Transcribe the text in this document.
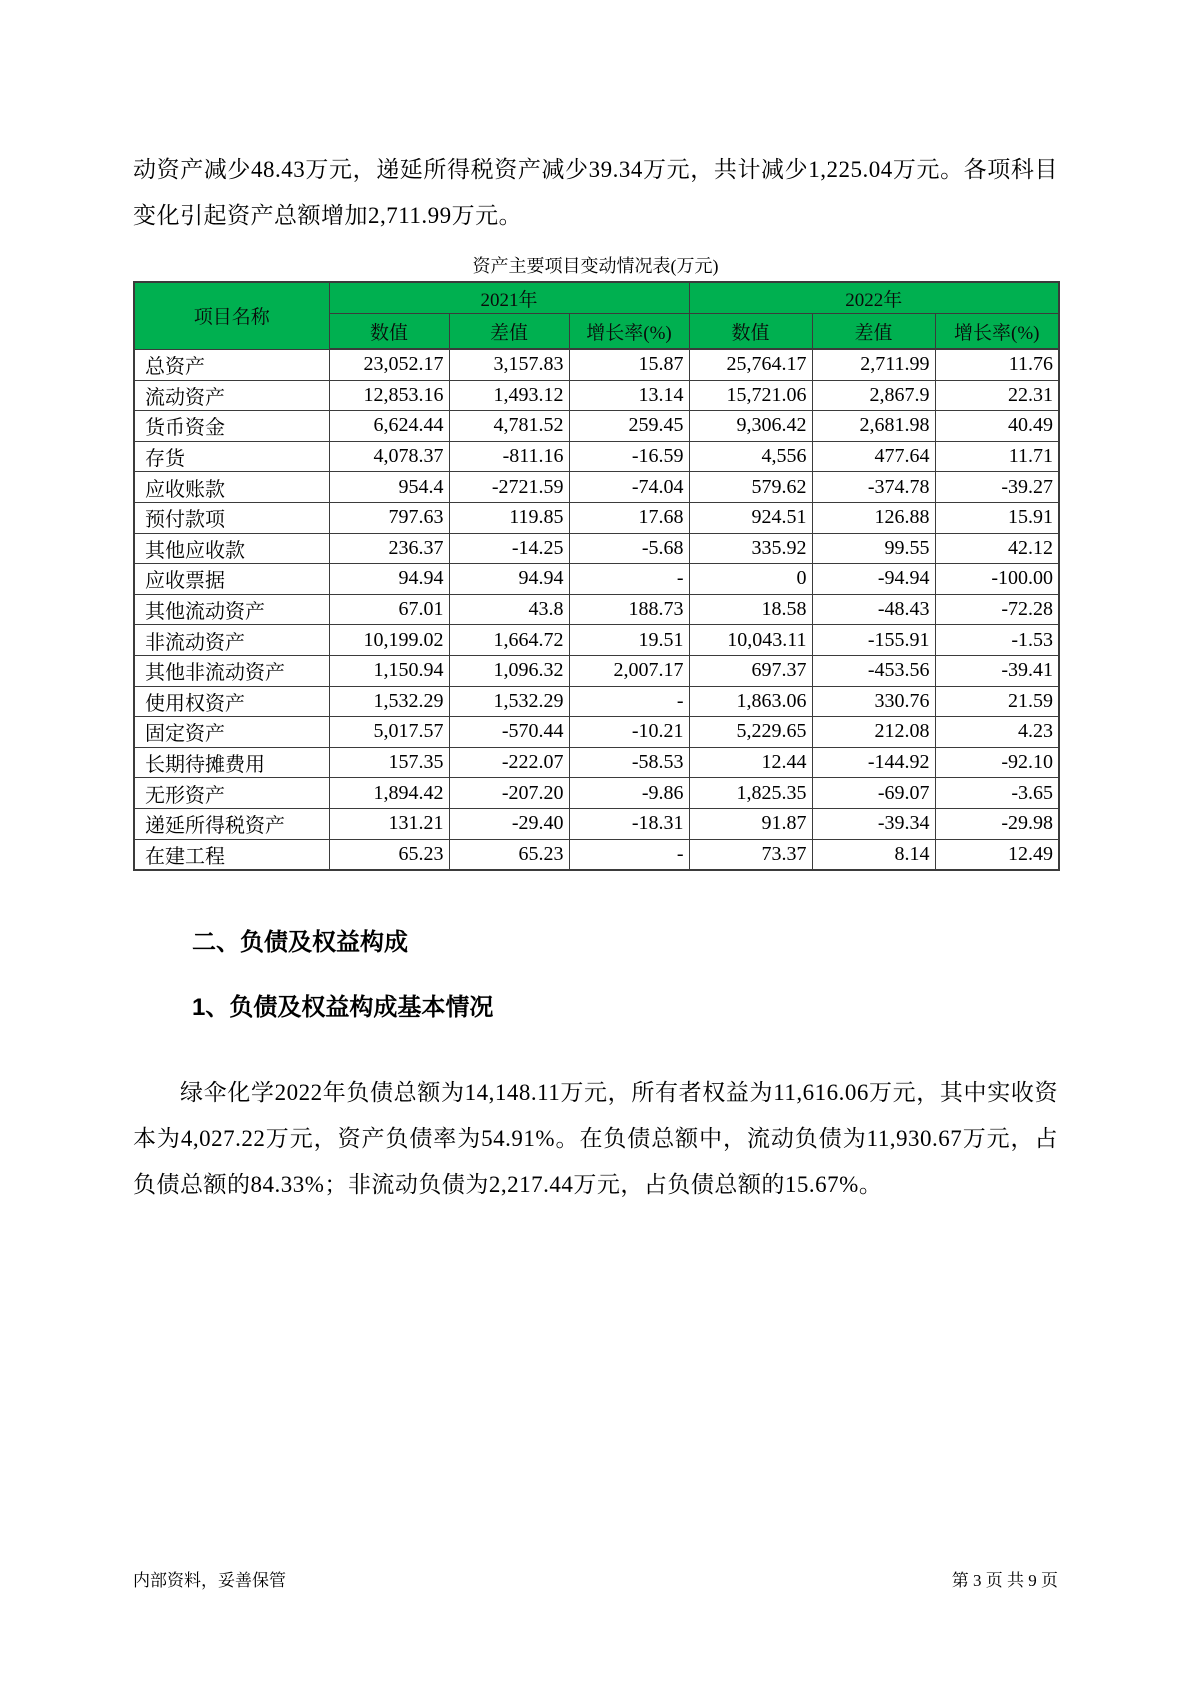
动资产减少48.43万元，递延所得税资产减少39.34万元，共计减少1,225.04万元。各项科目变化引起资产总额增加2,711.99万元。

资产主要项目变动情况表(万元)
项目名称	2021年			2022年		
	数值	差值	增长率(%)	数值	差值	增长率(%)
总资产	23,052.17	3,157.83	15.87	25,764.17	2,711.99	11.76
流动资产	12,853.16	1,493.12	13.14	15,721.06	2,867.9	22.31
货币资金	6,624.44	4,781.52	259.45	9,306.42	2,681.98	40.49
存货	4,078.37	-811.16	-16.59	4,556	477.64	11.71
应收账款	954.4	-2721.59	-74.04	579.62	-374.78	-39.27
预付款项	797.63	119.85	17.68	924.51	126.88	15.91
其他应收款	236.37	-14.25	-5.68	335.92	99.55	42.12
应收票据	94.94	94.94	-	0	-94.94	-100.00
其他流动资产	67.01	43.8	188.73	18.58	-48.43	-72.28
非流动资产	10,199.02	1,664.72	19.51	10,043.11	-155.91	-1.53
其他非流动资产	1,150.94	1,096.32	2,007.17	697.37	-453.56	-39.41
使用权资产	1,532.29	1,532.29	-	1,863.06	330.76	21.59
固定资产	5,017.57	-570.44	-10.21	5,229.65	212.08	4.23
长期待摊费用	157.35	-222.07	-58.53	12.44	-144.92	-92.10
无形资产	1,894.42	-207.20	-9.86	1,825.35	-69.07	-3.65
递延所得税资产	131.21	-29.40	-18.31	91.87	-39.34	-29.98
在建工程	65.23	65.23	-	73.37	8.14	12.49
二、负债及权益构成
1、负债及权益构成基本情况

绿伞化学2022年负债总额为14,148.11万元，所有者权益为11,616.06万元，其中实收资本为4,027.22万元，资产负债率为54.91%。在负债总额中，流动负债为11,930.67万元，占负债总额的84.33%；非流动负债为2,217.44万元，占负债总额的15.67%。

内部资料，妥善保管	第 3 页 共 9 页
